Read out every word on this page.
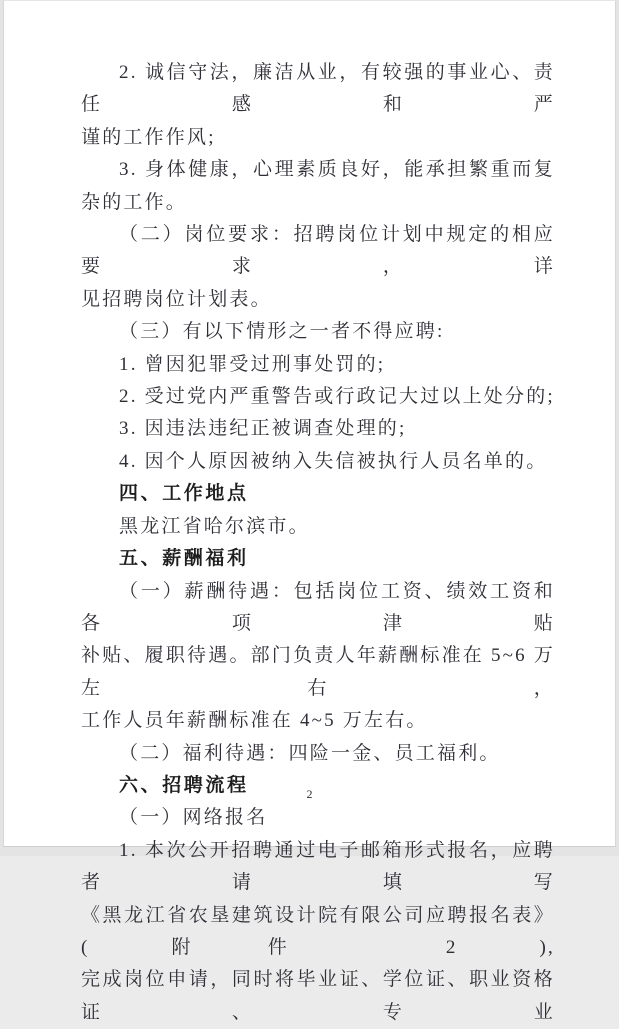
2. 诚信守法，廉洁从业，有较强的事业心、责任感和严
谨的工作作风;
3. 身体健康，心理素质良好，能承担繁重而复杂的工作。
（二）岗位要求：招聘岗位计划中规定的相应要求，详
见招聘岗位计划表。
（三）有以下情形之一者不得应聘:
1. 曾因犯罪受过刑事处罚的;
2. 受过党内严重警告或行政记大过以上处分的;
3. 因违法违纪正被调查处理的;
4. 因个人原因被纳入失信被执行人员名单的。
四、工作地点
黑龙江省哈尔滨市。
五、薪酬福利
（一）薪酬待遇：包括岗位工资、绩效工资和各项津贴
补贴、履职待遇。部门负责人年薪酬标准在 5~6 万左右，
工作人员年薪酬标准在 4~5 万左右。
（二）福利待遇：四险一金、员工福利。
六、招聘流程
（一）网络报名
1. 本次公开招聘通过电子邮箱形式报名，应聘者请填写
《黑龙江省农垦建筑设计院有限公司应聘报名表》( 附件 2 ),
完成岗位申请，同时将毕业证、学位证、职业资格证、专业
2
